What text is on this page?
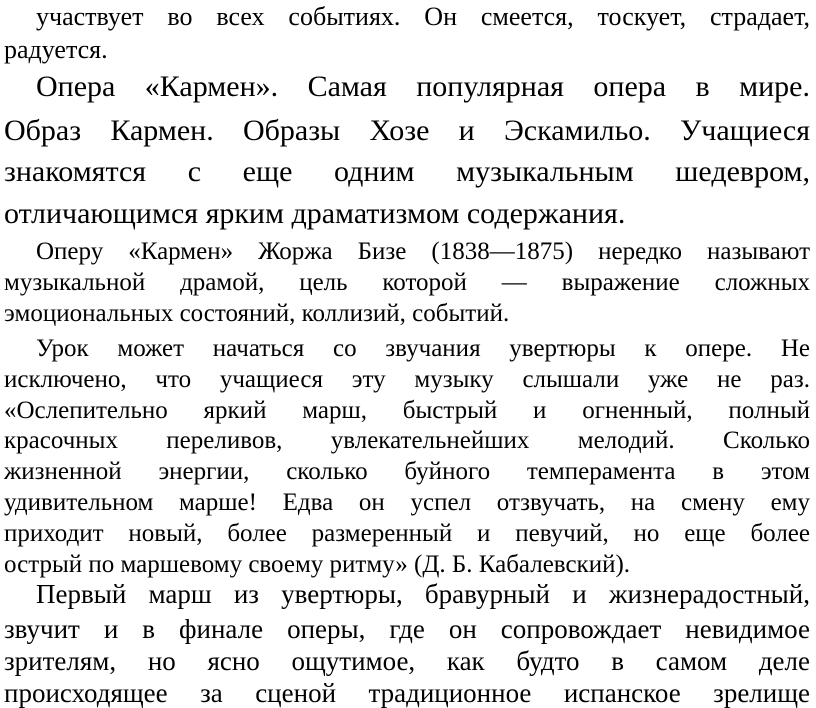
участвует во всех событиях. Он смеется, тоскует, страдает,

радуется.

Опера «Кармен». Самая популярная опера в мире.

Образ Кармен. Образы Хозе и Эскамильо. Учащиеся

знакомятся с еще одним музыкальным шедевром,

отличающимся ярким драматизмом содержания.

Оперу «Кармен» Жоржа Бизе (1838—1875) нередко называют

музыкальной драмой, цель которой — выражение сложных

эмоциональных состояний, коллизий, событий.

Урок может начаться со звучания увертюры к опере. Не

исключено, что учащиеся эту музыку слышали уже не раз.

«Ослепительно яркий марш, быстрый и огненный, полный

красочных переливов, увлекательнейших мелодий. Сколько

жизненной энергии, сколько буйного темперамента в этом

удивительном марше! Едва он успел отзвучать, на смену ему

приходит новый, более размеренный и певучий, но еще более

острый по маршевому своему ритму» (Д. Б. Кабалевский).

Первый марш из увертюры, бравурный и жизнерадостный,

звучит и в финале оперы, где он сопровождает невидимое

зрителям, но ясно ощутимое, как будто в самом деле

происходящее за сценой традиционное испанское зрелище
